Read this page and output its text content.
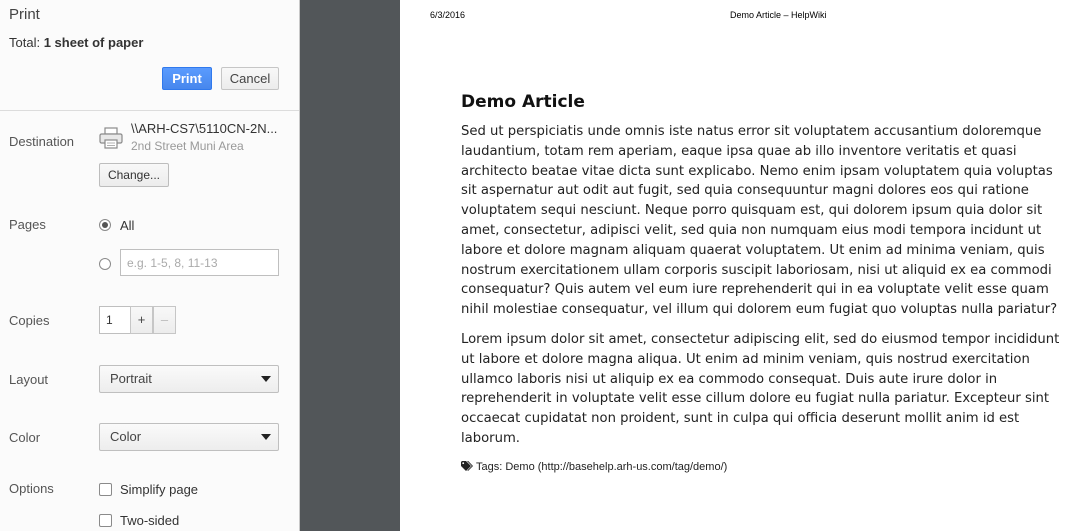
Print
Total: 1 sheet of paper
Print	Cancel
Destination
\\ARH-CS7\5110CN-2N...
2nd Street Muni Area
Change...
Pages	All
e.g. 1-5, 8, 11-13
Copies
1	+	–
Layout	Portrait
Color	Color
Options	Simplify page
Two-sided
6/3/2016	Demo Article – HelpWiki
Demo Article

Sed ut perspiciatis unde omnis iste natus error sit voluptatem accusantium doloremque laudantium, totam rem aperiam, eaque ipsa quae ab illo inventore veritatis et quasi architecto beatae vitae dicta sunt explicabo. Nemo enim ipsam voluptatem quia voluptas sit aspernatur aut odit aut fugit, sed quia consequuntur magni dolores eos qui ratione voluptatem sequi nesciunt. Neque porro quisquam est, qui dolorem ipsum quia dolor sit amet, consectetur, adipisci velit, sed quia non numquam eius modi tempora incidunt ut labore et dolore magnam aliquam quaerat voluptatem. Ut enim ad minima veniam, quis nostrum exercitationem ullam corporis suscipit laboriosam, nisi ut aliquid ex ea commodi consequatur? Quis autem vel eum iure reprehenderit qui in ea voluptate velit esse quam nihil molestiae consequatur, vel illum qui dolorem eum fugiat quo voluptas nulla pariatur?

Lorem ipsum dolor sit amet, consectetur adipiscing elit, sed do eiusmod tempor incididunt ut labore et dolore magna aliqua. Ut enim ad minim veniam, quis nostrud exercitation ullamco laboris nisi ut aliquip ex ea commodo consequat. Duis aute irure dolor in reprehenderit in voluptate velit esse cillum dolore eu fugiat nulla pariatur. Excepteur sint occaecat cupidatat non proident, sunt in culpa qui officia deserunt mollit anim id est laborum.

Tags: Demo (http://basehelp.arh-us.com/tag/demo/)
